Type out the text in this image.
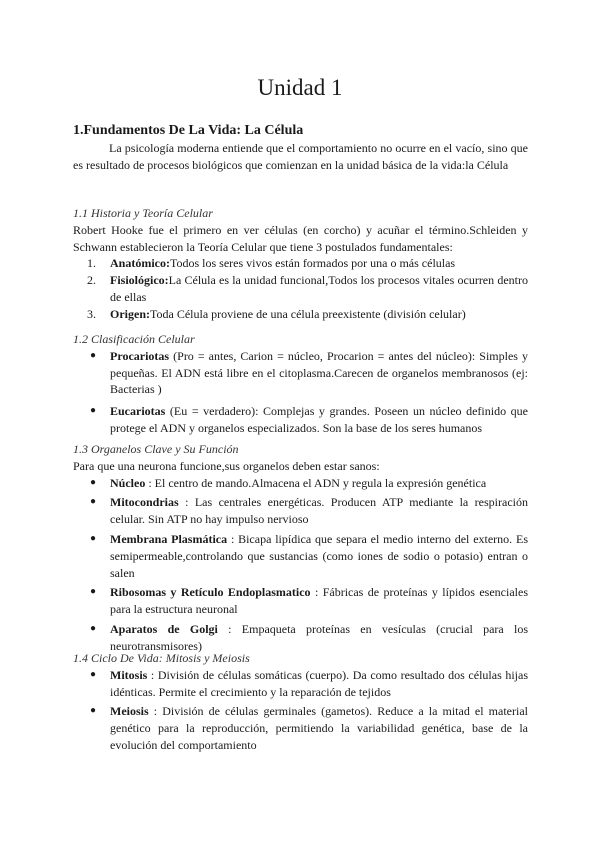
Unidad 1
1.Fundamentos De La Vida: La Célula
La psicología moderna entiende que el comportamiento no ocurre en el vacío, sino que es resultado de procesos biológicos que comienzan en la unidad básica de la vida:la Célula
1.1 Historia y Teoría Celular
Robert Hooke fue el primero en ver células (en corcho) y acuñar el término.Schleiden y Schwann establecieron la Teoría Celular que tiene 3 postulados fundamentales:
1. Anatómico:Todos los seres vivos están formados por una o más células
2. Fisiológico:La Célula es la unidad funcional,Todos los procesos vitales ocurren dentro de ellas
3. Origen:Toda Célula proviene de una célula preexistente (división celular)
1.2 Clasificación Celular
● Procariotas (Pro = antes, Carion = núcleo, Procarion = antes del núcleo): Simples y pequeñas. El ADN está libre en el citoplasma.Carecen de organelos membranosos (ej: Bacterias )
● Eucariotas (Eu = verdadero): Complejas y grandes. Poseen un núcleo definido que protege el ADN y organelos especializados. Son la base de los seres humanos
1.3 Organelos Clave y Su Función
Para que una neurona funcione,sus organelos deben estar sanos:
● Núcleo : El centro de mando.Almacena el ADN y regula la expresión genética
● Mitocondrias : Las centrales energéticas. Producen ATP mediante la respiración celular. Sin ATP no hay impulso nervioso
● Membrana Plasmática : Bicapa lipídica que separa el medio interno del externo. Es semipermeable,controlando que sustancias (como iones de sodio o potasio) entran o salen
● Ribosomas y Retículo Endoplasmatico : Fábricas de proteínas y lípidos esenciales para la estructura neuronal
● Aparatos de Golgi : Empaqueta proteínas en vesículas (crucial para los neurotransmisores)
1.4 Ciclo De Vida: Mitosis y Meiosis
● Mitosis : División de células somáticas (cuerpo). Da como resultado dos células hijas idénticas. Permite el crecimiento y la reparación de tejidos
● Meiosis : División de células germinales (gametos). Reduce a la mitad el material genético para la reproducción, permitiendo la variabilidad genética, base de la evolución del comportamiento
